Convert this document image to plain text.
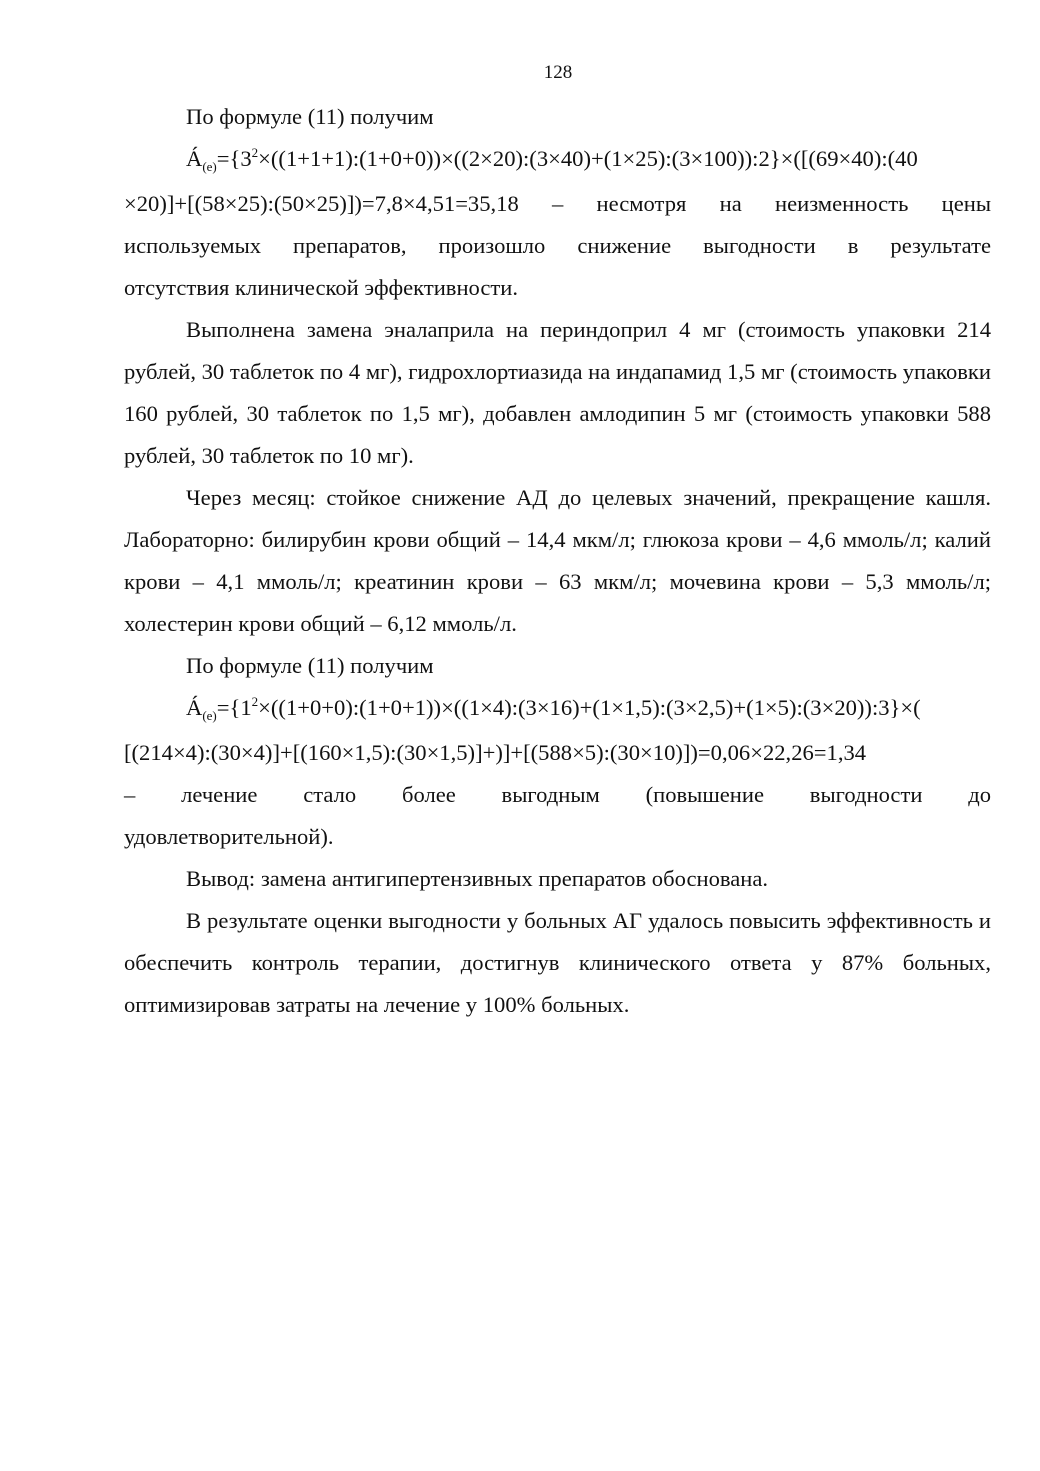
128

По формуле (11) получим

$Á_{(е)}=\{3^2\times((1+1+1):(1+0+0))\times((2\times 20):(3\times 40)+(1\times 25):(3\times 100)):2\}\times([(69\times 40):(40$

×20)]+[(58×25):(50×25)])=7,8×4,51=35,18 – несмотря на неизменность цены

используемых препаратов, произошло снижение выгодности в результате

отсутствия клинической эффективности.

Выполнена замена эналаприла на периндоприл 4 мг (стоимость упаковки 214 рублей, 30 таблеток по 4 мг), гидрохлортиазида на индапамид 1,5 мг (стоимость упаковки 160 рублей, 30 таблеток по 1,5 мг), добавлен амлодипин 5 мг (стоимость упаковки 588 рублей, 30 таблеток по 10 мг).

Через месяц: стойкое снижение АД до целевых значений, прекращение кашля. Лабораторно: билирубин крови общий – 14,4 мкм/л; глюкоза крови – 4,6 ммоль/л; калий крови – 4,1 ммоль/л; креатинин крови – 63 мкм/л; мочевина крови – 5,3 ммоль/л; холестерин крови общий – 6,12 ммоль/л.

По формуле (11) получим

$Á_{(е)}=\{1^2\times((1+0+0):(1+0+1))\times((1\times 4):(3\times 16)+(1\times 1,5):(3\times 2,5)+(1\times 5):(3\times 20)):3\}\times$(

[(214×4):(30×4)]+[(160×1,5):(30×1,5)]+)]+[(588×5):(30×10)])=0,06×22,26=1,34

– лечение стало более выгодным (повышение выгодности до

удовлетворительной).

Вывод: замена антигипертензивных препаратов обоснована.

В результате оценки выгодности у больных АГ удалось повысить эффективность и обеспечить контроль терапии, достигнув клинического ответа у 87% больных, оптимизировав затраты на лечение у 100% больных.
